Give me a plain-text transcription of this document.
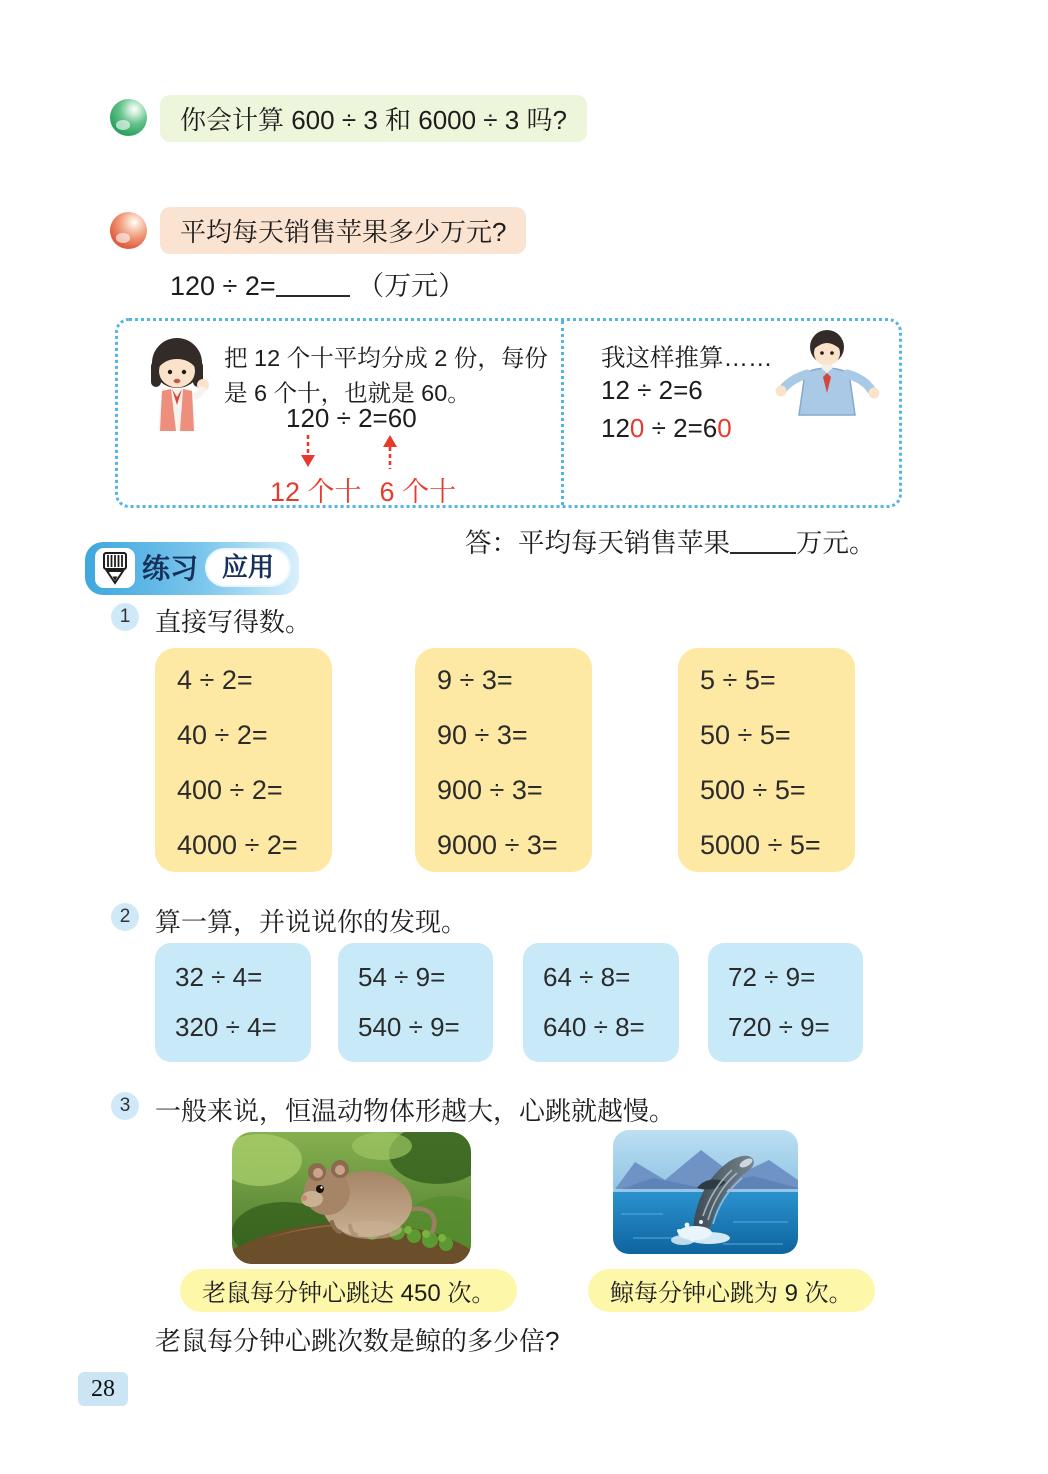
你会计算 600 ÷ 3 和 6000 ÷ 3 吗?
平均每天销售苹果多少万元?
120 ÷ 2=	（万元）
把 12 个十平均分成 2 份，每份
是 6 个十，也就是 60。
120 ÷ 2=60
12 个十 6 个十
我这样推算……
12 ÷ 2=6
120 ÷ 2=60
答：平均每天销售苹果 万元。
练习 应用
1 直接写得数。
4 ÷ 2=
40 ÷ 2=
400 ÷ 2=
4000 ÷ 2=
9 ÷ 3=
90 ÷ 3=
900 ÷ 3=
9000 ÷ 3=
5 ÷ 5=
50 ÷ 5=
500 ÷ 5=
5000 ÷ 5=
2 算一算，并说说你的发现。
32 ÷ 4=
320 ÷ 4=
54 ÷ 9=
540 ÷ 9=
64 ÷ 8=
640 ÷ 8=
72 ÷ 9=
720 ÷ 9=
3 一般来说，恒温动物体形越大，心跳就越慢。
老鼠每分钟心跳达 450 次。	鲸每分钟心跳为 9 次。
老鼠每分钟心跳次数是鲸的多少倍?
28
